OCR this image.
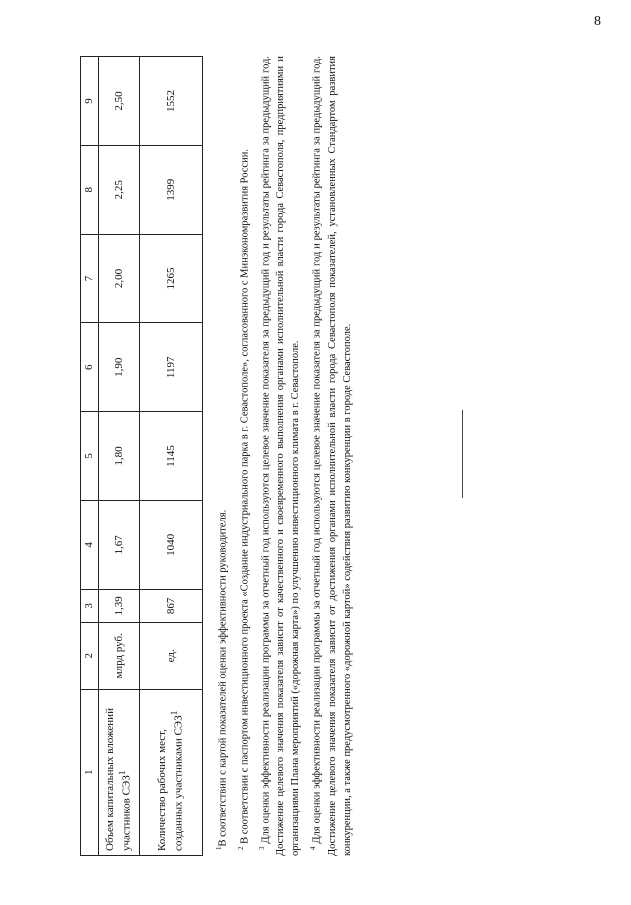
8
1	2	3	4	5	6	7	8	9
Объем капитальных вложений участников СЭЗ$^1$	млрд руб.	1,39	1,67	1,80	1,90	2,00	2,25	2,50
Количество рабочих мест, созданных участниками СЭЗ$^1$	ед.	867	1040	1145	1197	1265	1399	1552

$^1$В соответствии с картой показателей оценки эффективности руководителя.

$^2$ В соответствии с паспортом инвестиционного проекта «Создание индустриального парка в г. Севастополе», согласованного с Минэкономразвития России.

$^3$ Для оценки эффективности реализации программы за отчетный год используются целевое значение показателя за предыдущий год и результаты рейтинга за предыдущий год. Достижение целевого значения показателя зависит от качественного и своевременного выполнения органами исполнительной власти города Севастополя, предприятиями и организациями Плана мероприятий («дорожная карта») по улучшению инвестиционного климата в г. Севастополе.	$^4$ Для оценки эффективности реализации программы за отчетный год используются целевое значение показателя за предыдущий год и результаты рейтинга за предыдущий год. Достижение целевого значения показателя зависит от достижения органами исполнительной власти города Севастополя показателей, установленных Стандартом развития конкуренции, а также предусмотренного «дорожной картой» содействия развитию конкуренции в городе Севастополе.
